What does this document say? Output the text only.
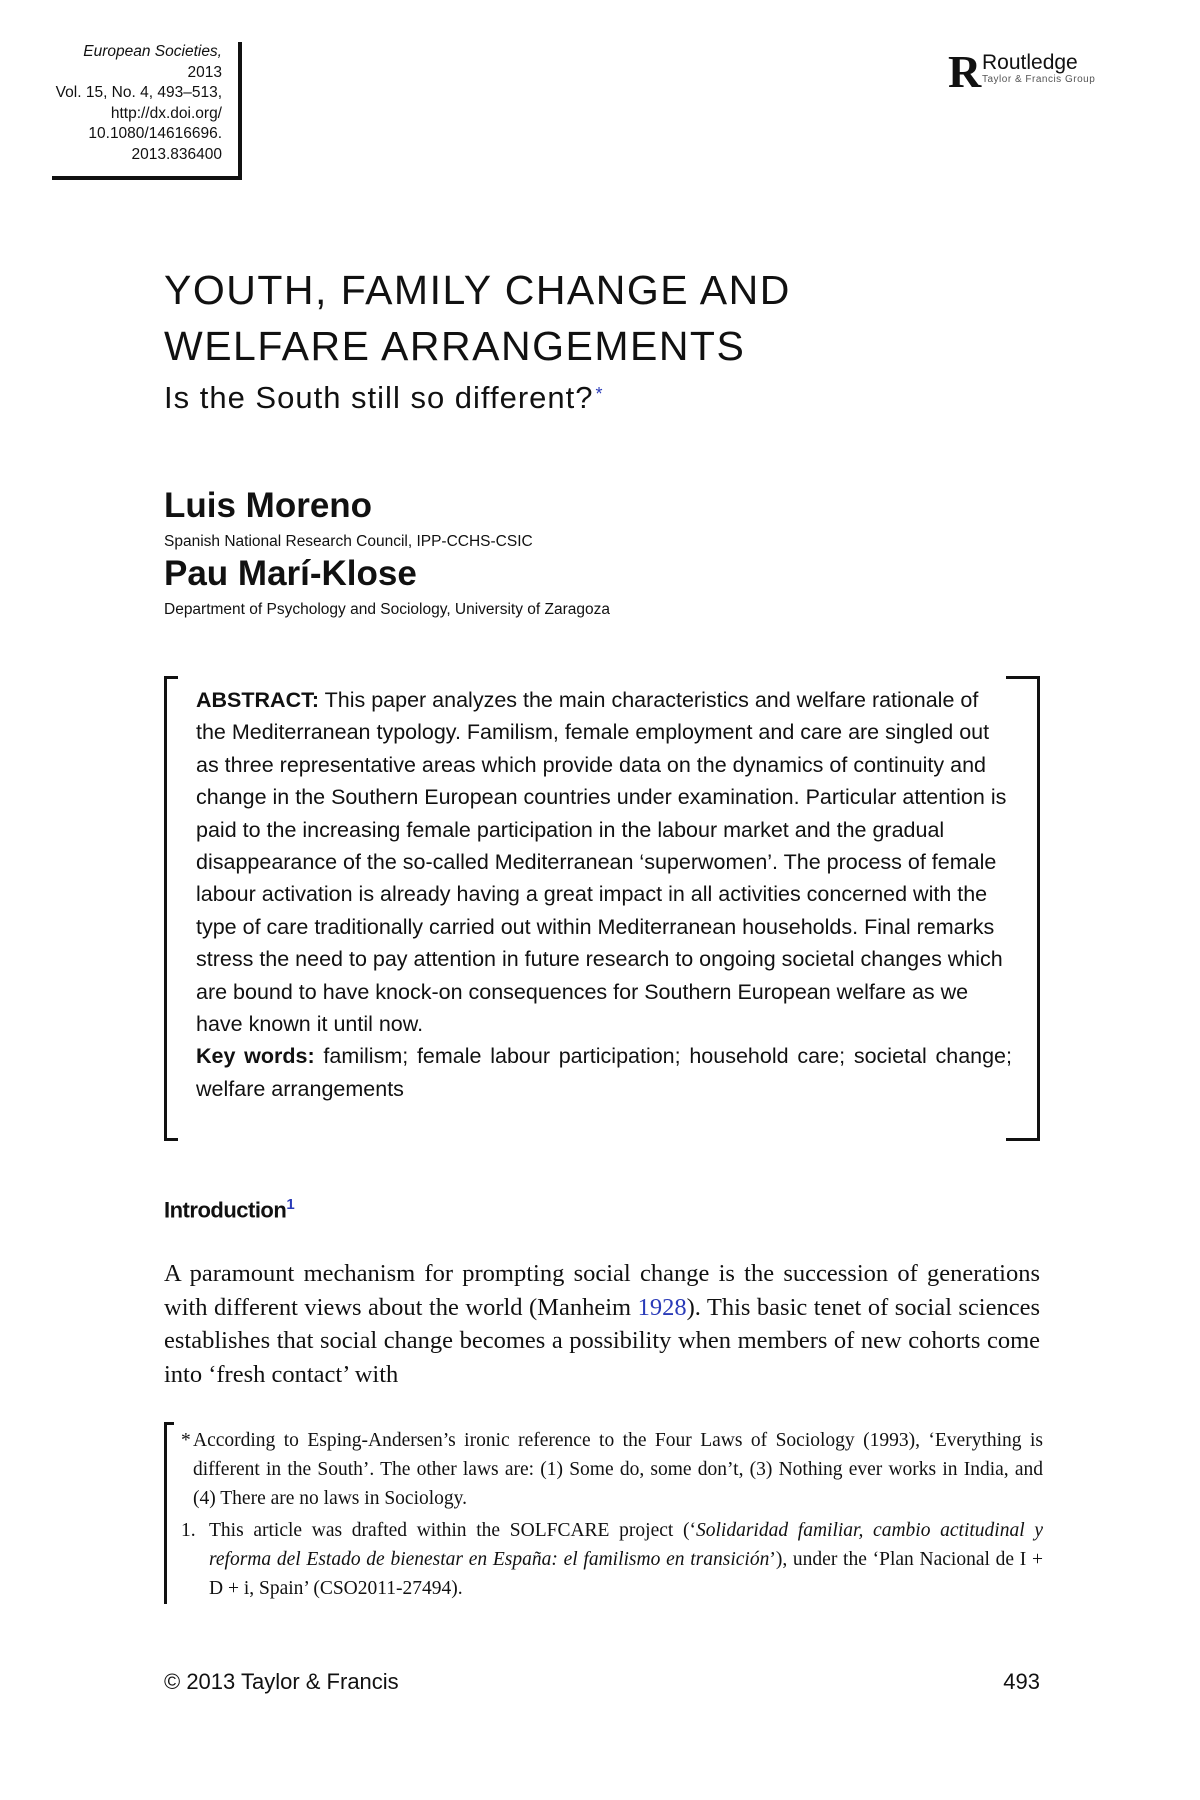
European Societies,
2013
Vol. 15, No. 4, 493–513,
http://dx.doi.org/
10.1080/14616696.
2013.836400
R Routledge
Taylor & Francis Group
YOUTH, FAMILY CHANGE AND
WELFARE ARRANGEMENTS
Is the South still so different? *
Luis Moreno
Spanish National Research Council, IPP-CCHS-CSIC
Pau Marí-Klose
Department of Psychology and Sociology, University of Zaragoza

ABSTRACT: This paper analyzes the main characteristics and welfare rationale of the Mediterranean typology. Familism, female employment and care are singled out as three representative areas which provide data on the dynamics of continuity and change in the Southern European countries under examination. Particular attention is paid to the increasing female participation in the labour market and the gradual disappearance of the so-called Mediterranean ‘superwomen’. The process of female labour activation is already having a great impact in all activities concerned with the type of care traditionally carried out within Mediterranean households. Final remarks stress the need to pay attention in future research to ongoing societal changes which are bound to have knock-on consequences for Southern European welfare as we have known it until now.

Key words: familism; female labour participation; household care; societal change; welfare arrangements

Introduction$^1$
A paramount mechanism for prompting social change is the succession of generations with different views about the world (Manheim 1928). This basic tenet of social sciences establishes that social change becomes a possibility when members of new cohorts come into ‘fresh contact’ with
* According to Esping-Andersen’s ironic reference to the Four Laws of Sociology (1993), ‘Everything is different in the South’. The other laws are: (1) Some do, some don’t, (3) Nothing ever works in India, and (4) There are no laws in Sociology.
1. This article was drafted within the SOLFCARE project (‘Solidaridad familiar, cambio actitudinal y reforma del Estado de bienestar en España: el familismo en transición’), under the ‘Plan Nacional de I + D + i, Spain’ (CSO2011-27494).
© 2013 Taylor & Francis	493
